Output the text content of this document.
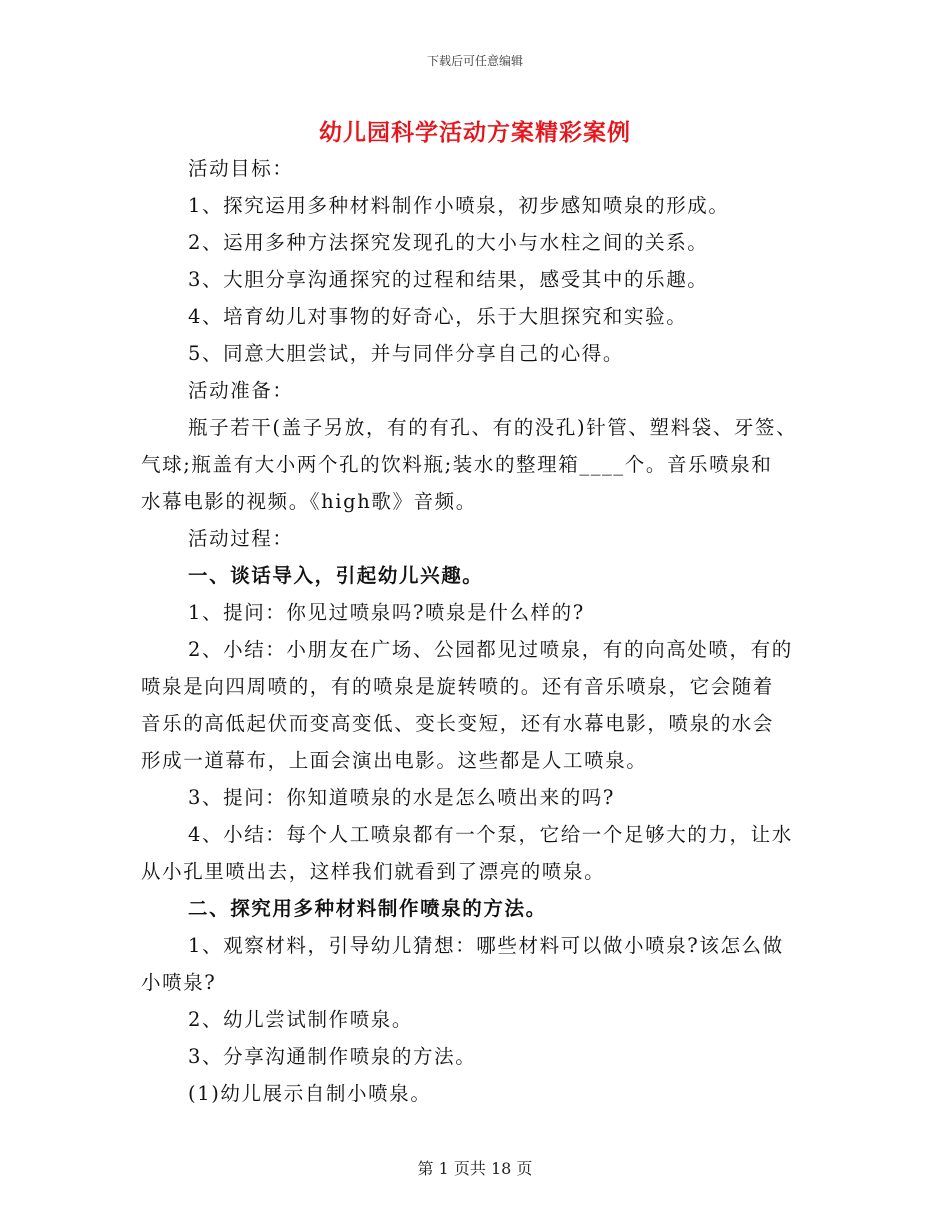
下载后可任意编辑
幼儿园科学活动方案精彩案例

活动目标：

1、探究运用多种材料制作小喷泉，初步感知喷泉的形成。

2、运用多种方法探究发现孔的大小与水柱之间的关系。

3、大胆分享沟通探究的过程和结果，感受其中的乐趣。

4、培育幼儿对事物的好奇心，乐于大胆探究和实验。

5、同意大胆尝试，并与同伴分享自己的心得。

活动准备：

瓶子若干(盖子另放，有的有孔、有的没孔)针管、塑料袋、牙签、

气球;瓶盖有大小两个孔的饮料瓶;装水的整理箱____个。音乐喷泉和

水幕电影的视频。《high歌》音频。

活动过程：

一、谈话导入，引起幼儿兴趣。

1、提问：你见过喷泉吗?喷泉是什么样的?

2、小结：小朋友在广场、公园都见过喷泉，有的向高处喷，有的

喷泉是向四周喷的，有的喷泉是旋转喷的。还有音乐喷泉，它会随着

音乐的高低起伏而变高变低、变长变短，还有水幕电影，喷泉的水会

形成一道幕布，上面会演出电影。这些都是人工喷泉。

3、提问：你知道喷泉的水是怎么喷出来的吗?

4、小结：每个人工喷泉都有一个泵，它给一个足够大的力，让水

从小孔里喷出去，这样我们就看到了漂亮的喷泉。

二、探究用多种材料制作喷泉的方法。

1、观察材料，引导幼儿猜想：哪些材料可以做小喷泉?该怎么做

小喷泉?

2、幼儿尝试制作喷泉。

3、分享沟通制作喷泉的方法。

(1)幼儿展示自制小喷泉。

第 1 页共 18 页
